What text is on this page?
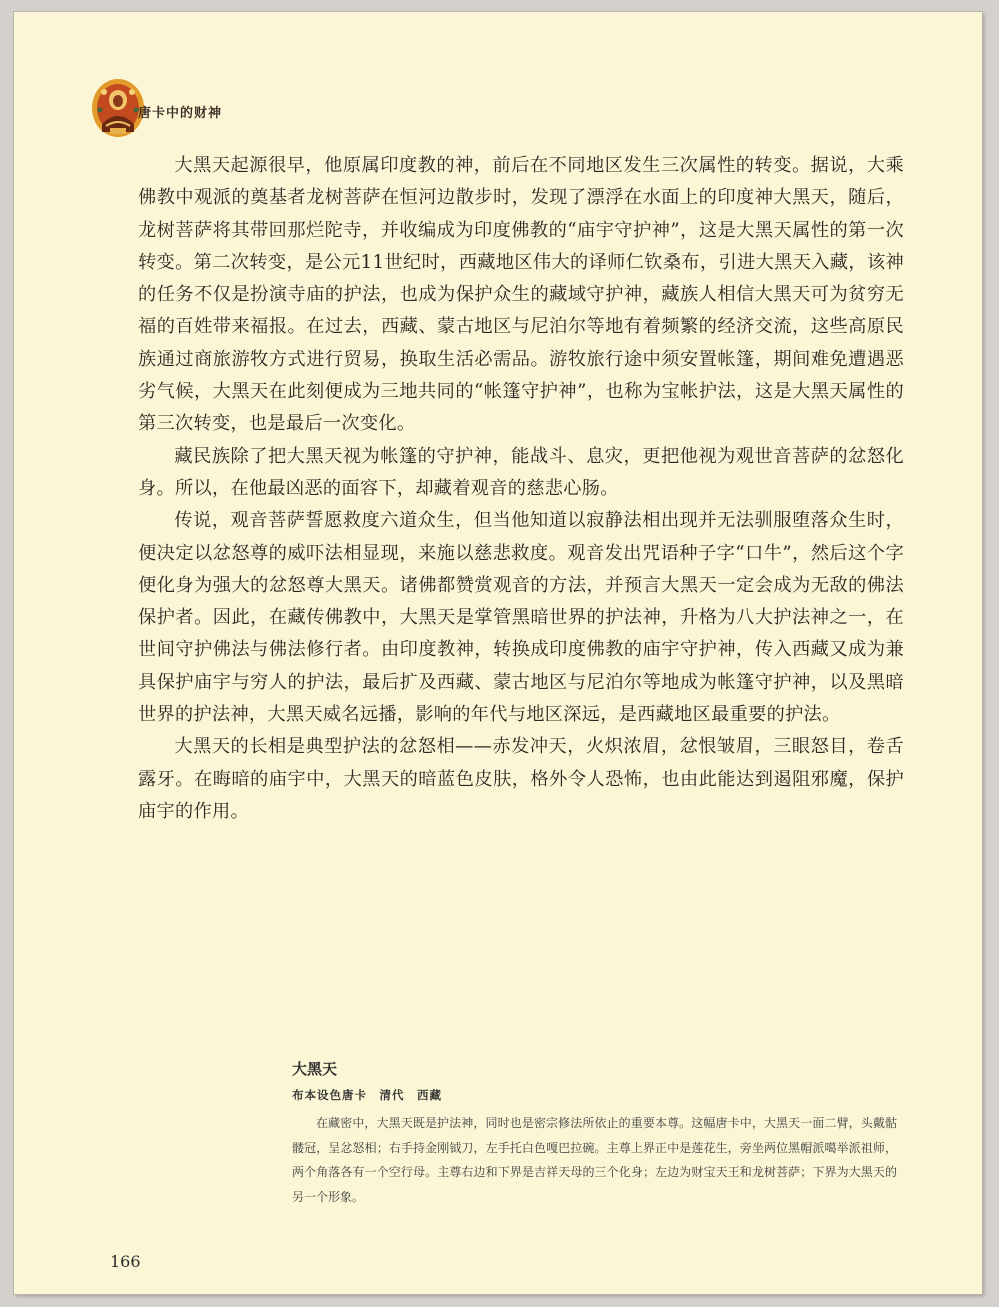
唐卡中的财神

大黑天起源很早，他原属印度教的神，前后在不同地区发生三次属性的转变。据说，大乘佛教中观派的奠基者龙树菩萨在恒河边散步时，发现了漂浮在水面上的印度神大黑天，随后，龙树菩萨将其带回那烂陀寺，并收编成为印度佛教的“庙宇守护神”，这是大黑天属性的第一次转变。第二次转变，是公元11世纪时，西藏地区伟大的译师仁钦桑布，引进大黑天入藏，该神的任务不仅是扮演寺庙的护法，也成为保护众生的藏域守护神，藏族人相信大黑天可为贫穷无福的百姓带来福报。在过去，西藏、蒙古地区与尼泊尔等地有着频繁的经济交流，这些高原民族通过商旅游牧方式进行贸易，换取生活必需品。游牧旅行途中须安置帐篷，期间难免遭遇恶劣气候，大黑天在此刻便成为三地共同的“帐篷守护神”，也称为宝帐护法，这是大黑天属性的第三次转变，也是最后一次变化。

藏民族除了把大黑天视为帐篷的守护神，能战斗、息灾，更把他视为观世音菩萨的忿怒化身。所以，在他最凶恶的面容下，却藏着观音的慈悲心肠。

传说，观音菩萨誓愿救度六道众生，但当他知道以寂静法相出现并无法驯服堕落众生时，便决定以忿怒尊的威吓法相显现，来施以慈悲救度。观音发出咒语种子字“口牛”，然后这个字便化身为强大的忿怒尊大黑天。诸佛都赞赏观音的方法，并预言大黑天一定会成为无敌的佛法保护者。因此，在藏传佛教中，大黑天是掌管黑暗世界的护法神，升格为八大护法神之一，在世间守护佛法与佛法修行者。由印度教神，转换成印度佛教的庙宇守护神，传入西藏又成为兼具保护庙宇与穷人的护法，最后扩及西藏、蒙古地区与尼泊尔等地成为帐篷守护神，以及黑暗世界的护法神，大黑天威名远播，影响的年代与地区深远，是西藏地区最重要的护法。

大黑天的长相是典型护法的忿怒相——赤发冲天，火炽浓眉，忿恨皱眉，三眼怒目，卷舌露牙。在晦暗的庙宇中，大黑天的暗蓝色皮肤，格外令人恐怖，也由此能达到遏阻邪魔，保护庙宇的作用。

大黑天
布本设色唐卡　清代　西藏

在藏密中，大黑天既是护法神，同时也是密宗修法所依止的重要本尊。这幅唐卡中，大黑天一面二臂，头戴骷髅冠，呈忿怒相；右手持金刚钺刀，左手托白色嘎巴拉碗。主尊上界正中是莲花生，旁坐两位黑帽派噶举派祖师，两个角落各有一个空行母。主尊右边和下界是吉祥天母的三个化身；左边为财宝天王和龙树菩萨；下界为大黑天的另一个形象。

166
